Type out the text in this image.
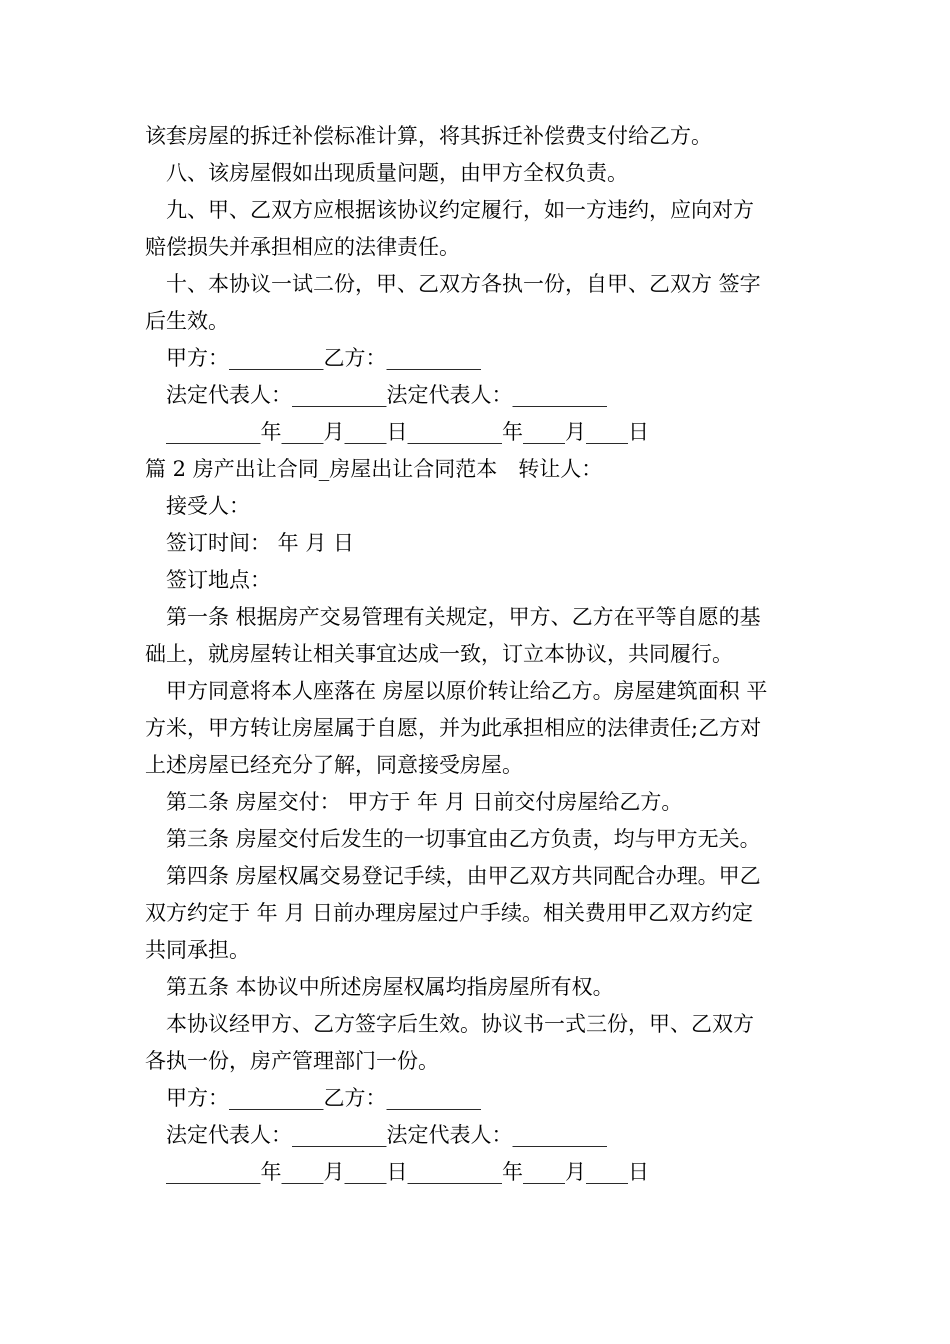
该套房屋的拆迁补偿标准计算，将其拆迁补偿费支付给乙方。
八、该房屋假如出现质量问题，由甲方全权负责。
九、甲、乙双方应根据该协议约定履行，如一方违约，应向对方
赔偿损失并承担相应的法律责任。
十、本协议一试二份，甲、乙双方各执一份，自甲、乙双方 签字
后生效。
甲方：_________乙方：_________
法定代表人：_________法定代表人：_________
_________年____月____日_________年____月____日
篇 2 房产出让合同_房屋出让合同范本　转让人：
接受人：
签订时间： 年 月 日
签订地点：
第一条 根据房产交易管理有关规定，甲方、乙方在平等自愿的基
础上，就房屋转让相关事宜达成一致，订立本协议，共同履行。
甲方同意将本人座落在 房屋以原价转让给乙方。房屋建筑面积 平
方米，甲方转让房屋属于自愿，并为此承担相应的法律责任;乙方对
上述房屋已经充分了解，同意接受房屋。
第二条 房屋交付： 甲方于 年 月 日前交付房屋给乙方。
第三条 房屋交付后发生的一切事宜由乙方负责，均与甲方无关。
第四条 房屋权属交易登记手续，由甲乙双方共同配合办理。甲乙
双方约定于 年 月 日前办理房屋过户手续。相关费用甲乙双方约定
共同承担。
第五条 本协议中所述房屋权属均指房屋所有权。
本协议经甲方、乙方签字后生效。协议书一式三份，甲、乙双方
各执一份，房产管理部门一份。
甲方：_________乙方：_________
法定代表人：_________法定代表人：_________
_________年____月____日_________年____月____日
